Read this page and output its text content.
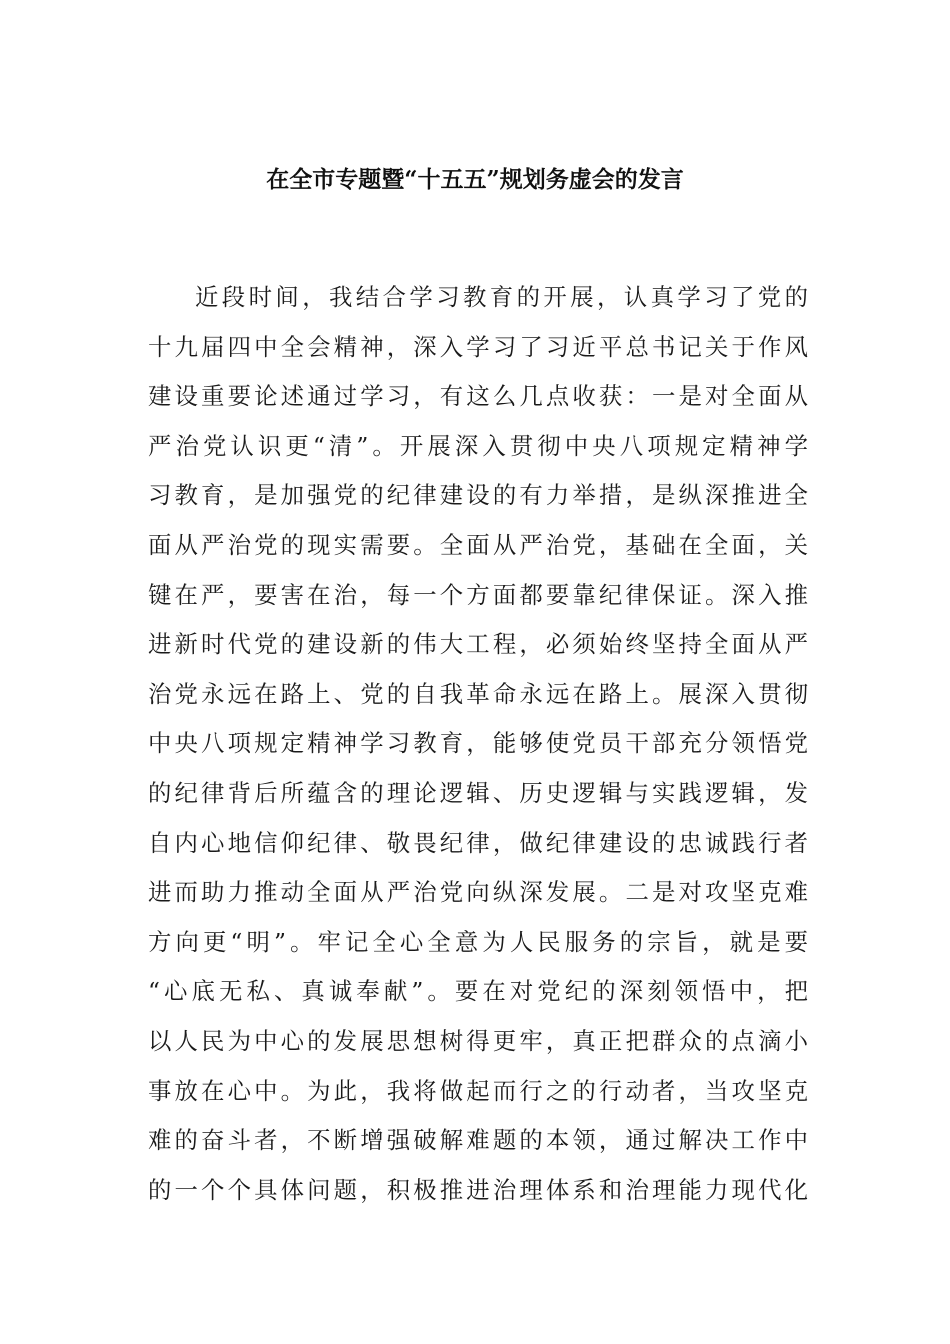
在全市专题暨“十五五”规划务虚会的发言
近段时间，我结合学习教育的开展，认真学习了党的
十九届四中全会精神，深入学习了习近平总书记关于作风
建设重要论述通过学习，有这么几点收获：一是对全面从
严治党认识更“清”。开展深入贯彻中央八项规定精神学
习教育，是加强党的纪律建设的有力举措，是纵深推进全
面从严治党的现实需要。全面从严治党，基础在全面，关
键在严，要害在治，每一个方面都要靠纪律保证。深入推
进新时代党的建设新的伟大工程，必须始终坚持全面从严
治党永远在路上、党的自我革命永远在路上。展深入贯彻
中央八项规定精神学习教育，能够使党员干部充分领悟党
的纪律背后所蕴含的理论逻辑、历史逻辑与实践逻辑，发
自内心地信仰纪律、敬畏纪律，做纪律建设的忠诚践行者
进而助力推动全面从严治党向纵深发展。二是对攻坚克难
方向更“明”。牢记全心全意为人民服务的宗旨，就是要
“心底无私、真诚奉献”。要在对党纪的深刻领悟中，把
以人民为中心的发展思想树得更牢，真正把群众的点滴小
事放在心中。为此，我将做起而行之的行动者，当攻坚克
难的奋斗者，不断增强破解难题的本领，通过解决工作中
的一个个具体问题，积极推进治理体系和治理能力现代化
